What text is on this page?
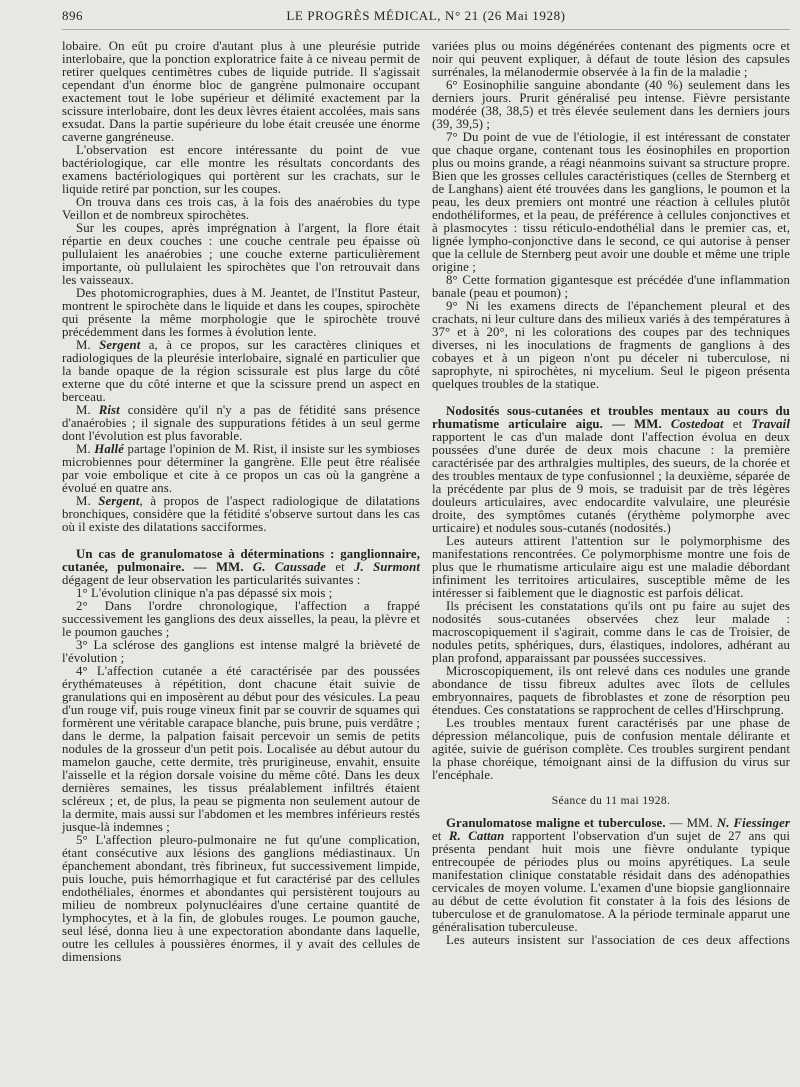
896	LE PROGRÈS MÉDICAL, N° 21 (26 Mai 1928)

lobaire. On eût pu croire d'autant plus à une pleurésie putride interlobaire, que la ponction exploratrice faite à ce niveau permit de retirer quelques centimètres cubes de liquide putride. Il s'agissait cependant d'un énorme bloc de gangrène pulmonaire occupant exactement tout le lobe supérieur et délimité exactement par la scissure interlobaire, dont les deux lèvres étaient accolées, mais sans exsudat. Dans la partie supérieure du lobe était creusée une énorme caverne gangréneuse.

L'observation est encore intéressante du point de vue bactériologique, car elle montre les résultats concordants des examens bactériologiques qui portèrent sur les crachats, sur le liquide retiré par ponction, sur les coupes.

On trouva dans ces trois cas, à la fois des anaérobies du type Veillon et de nombreux spirochètes.

Sur les coupes, après imprégnation à l'argent, la flore était répartie en deux couches : une couche centrale peu épaisse où pullulaient les anaérobies ; une couche externe particulièrement importante, où pullulaient les spirochètes que l'on retrouvait dans les vaisseaux.

Des photomicrographies, dues à M. Jeantet, de l'Institut Pasteur, montrent le spirochète dans le liquide et dans les coupes, spirochète qui présente la même morphologie que le spirochète trouvé précédemment dans les formes à évolution lente.

M. Sergent a, à ce propos, sur les caractères cliniques et radiologiques de la pleurésie interlobaire, signalé en particulier que la bande opaque de la région scissurale est plus large du côté externe que du côté interne et que la scissure prend un aspect en berceau.

M. Rist considère qu'il n'y a pas de fétidité sans présence d'anaérobies ; il signale des suppurations fétides à un seul germe dont l'évolution est plus favorable.

M. Hallé partage l'opinion de M. Rist, il insiste sur les symbioses microbiennes pour déterminer la gangrène. Elle peut être réalisée par voie embolique et cite à ce propos un cas où la gangrène a évolué en quatre ans.

M. Sergent, à propos de l'aspect radiologique de dilatations bronchiques, considère que la fétidité s'observe surtout dans les cas où il existe des dilatations sacciformes.

Un cas de granulomatose à déterminations : ganglionnaire, cutanée, pulmonaire. — MM. G. Caussade et J. Surmont dégagent de leur observation les particularités suivantes :

1° L'évolution clinique n'a pas dépassé six mois ;

2° Dans l'ordre chronologique, l'affection a frappé successivement les ganglions des deux aisselles, la peau, la plèvre et le poumon gauches ;

3° La sclérose des ganglions est intense malgré la brièveté de l'évolution ;

4° L'affection cutanée a été caractérisée par des poussées érythémateuses à répétition, dont chacune était suivie de granulations qui en imposèrent au début pour des vésicules. La peau d'un rouge vif, puis rouge vineux finit par se couvrir de squames qui formèrent une véritable carapace blanche, puis brune, puis verdâtre ; dans le derme, la palpation faisait percevoir un semis de petits nodules de la grosseur d'un petit pois. Localisée au début autour du mamelon gauche, cette dermite, très prurigineuse, envahit, ensuite l'aisselle et la région dorsale voisine du même côté. Dans les deux dernières semaines, les tissus préalablement infiltrés étaient scléreux ; et, de plus, la peau se pigmenta non seulement autour de la dermite, mais aussi sur l'abdomen et les membres inférieurs restés jusque-là indemnes ;

5° L'affection pleuro-pulmonaire ne fut qu'une complication, étant consécutive aux lésions des ganglions médiastinaux. Un épanchement abondant, très fibrineux, fut successivement limpide, puis louche, puis hémorrhagique et fut caractérisé par des cellules endothéliales, énormes et abondantes qui persistèrent toujours au milieu de nombreux polynucléaires d'une certaine quantité de lymphocytes, et à la fin, de globules rouges. Le poumon gauche, seul lésé, donna lieu à une expectoration abondante dans laquelle, outre les cellules à poussières énormes, il y avait des cellules de dimensions

variées plus ou moins dégénérées contenant des pigments ocre et noir qui peuvent expliquer, à défaut de toute lésion des capsules surrénales, la mélanodermie observée à la fin de la maladie ;

6° Eosinophilie sanguine abondante (40 %) seulement dans les derniers jours. Prurit généralisé peu intense. Fièvre persistante modérée (38, 38,5) et très élevée seulement dans les derniers jours (39, 39,5) ;

7° Du point de vue de l'étiologie, il est intéressant de constater que chaque organe, contenant tous les éosinophiles en proportion plus ou moins grande, a réagi néanmoins suivant sa structure propre. Bien que les grosses cellules caractéristiques (celles de Sternberg et de Langhans) aient été trouvées dans les ganglions, le poumon et la peau, les deux premiers ont montré une réaction à cellules plutôt endothéliformes, et la peau, de préférence à cellules conjonctives et à plasmocytes : tissu réticulo-endothélial dans le premier cas, et, lignée lympho-conjonctive dans le second, ce qui autorise à penser que la cellule de Sternberg peut avoir une double et même une triple origine ;

8° Cette formation gigantesque est précédée d'une inflammation banale (peau et poumon) ;

9° Ni les examens directs de l'épanchement pleural et des crachats, ni leur culture dans des milieux variés à des températures à 37° et à 20°, ni les colorations des coupes par des techniques diverses, ni les inoculations de fragments de ganglions à des cobayes et à un pigeon n'ont pu déceler ni tuberculose, ni saprophyte, ni spirochètes, ni mycelium. Seul le pigeon présenta quelques troubles de la statique.

Nodosités sous-cutanées et troubles mentaux au cours du rhumatisme articulaire aigu. — MM. Costedoat et Travail rapportent le cas d'un malade dont l'affection évolua en deux poussées d'une durée de deux mois chacune : la première caractérisée par des arthralgies multiples, des sueurs, de la chorée et des troubles mentaux de type confusionnel ; la deuxième, séparée de la précédente par plus de 9 mois, se traduisit par de très légères douleurs articulaires, avec endocardite valvulaire, une pleurésie droite, des symptômes cutanés (érythème polymorphe avec urticaire) et nodules sous-cutanés (nodosités.)

Les auteurs attirent l'attention sur le polymorphisme des manifestations rencontrées. Ce polymorphisme montre une fois de plus que le rhumatisme articulaire aigu est une maladie débordant infiniment les territoires articulaires, susceptible même de les intéresser si faiblement que le diagnostic est parfois délicat.

Ils précisent les constatations qu'ils ont pu faire au sujet des nodosités sous-cutanées observées chez leur malade : macroscopiquement il s'agirait, comme dans le cas de Troisier, de nodules petits, sphériques, durs, élastiques, indolores, adhérant au plan profond, apparaissant par poussées successives.

Microscopiquement, ils ont relevé dans ces nodules une grande abondance de tissu fibreux adultes avec îlots de cellules embryonnaires, paquets de fibroblastes et zone de résorption peu étendues. Ces constatations se rapprochent de celles d'Hirschprung.

Les troubles mentaux furent caractérisés par une phase de dépression mélancolique, puis de confusion mentale délirante et agitée, suivie de guérison complète. Ces troubles surgirent pendant la phase choréique, témoignant ainsi de la diffusion du virus sur l'encéphale.

Séance du 11 mai 1928.

Granulomatose maligne et tuberculose. — MM. N. Fiessinger et R. Cattan rapportent l'observation d'un sujet de 27 ans qui présenta pendant huit mois une fièvre ondulante typique entrecoupée de périodes plus ou moins apyrétiques. La seule manifestation clinique constatable résidait dans des adénopathies cervicales de moyen volume. L'examen d'une biopsie ganglionnaire au début de cette évolution fit constater à la fois des lésions de tuberculose et de granulomatose. A la période terminale apparut une généralisation tuberculeuse.

Les auteurs insistent sur l'association de ces deux affections
